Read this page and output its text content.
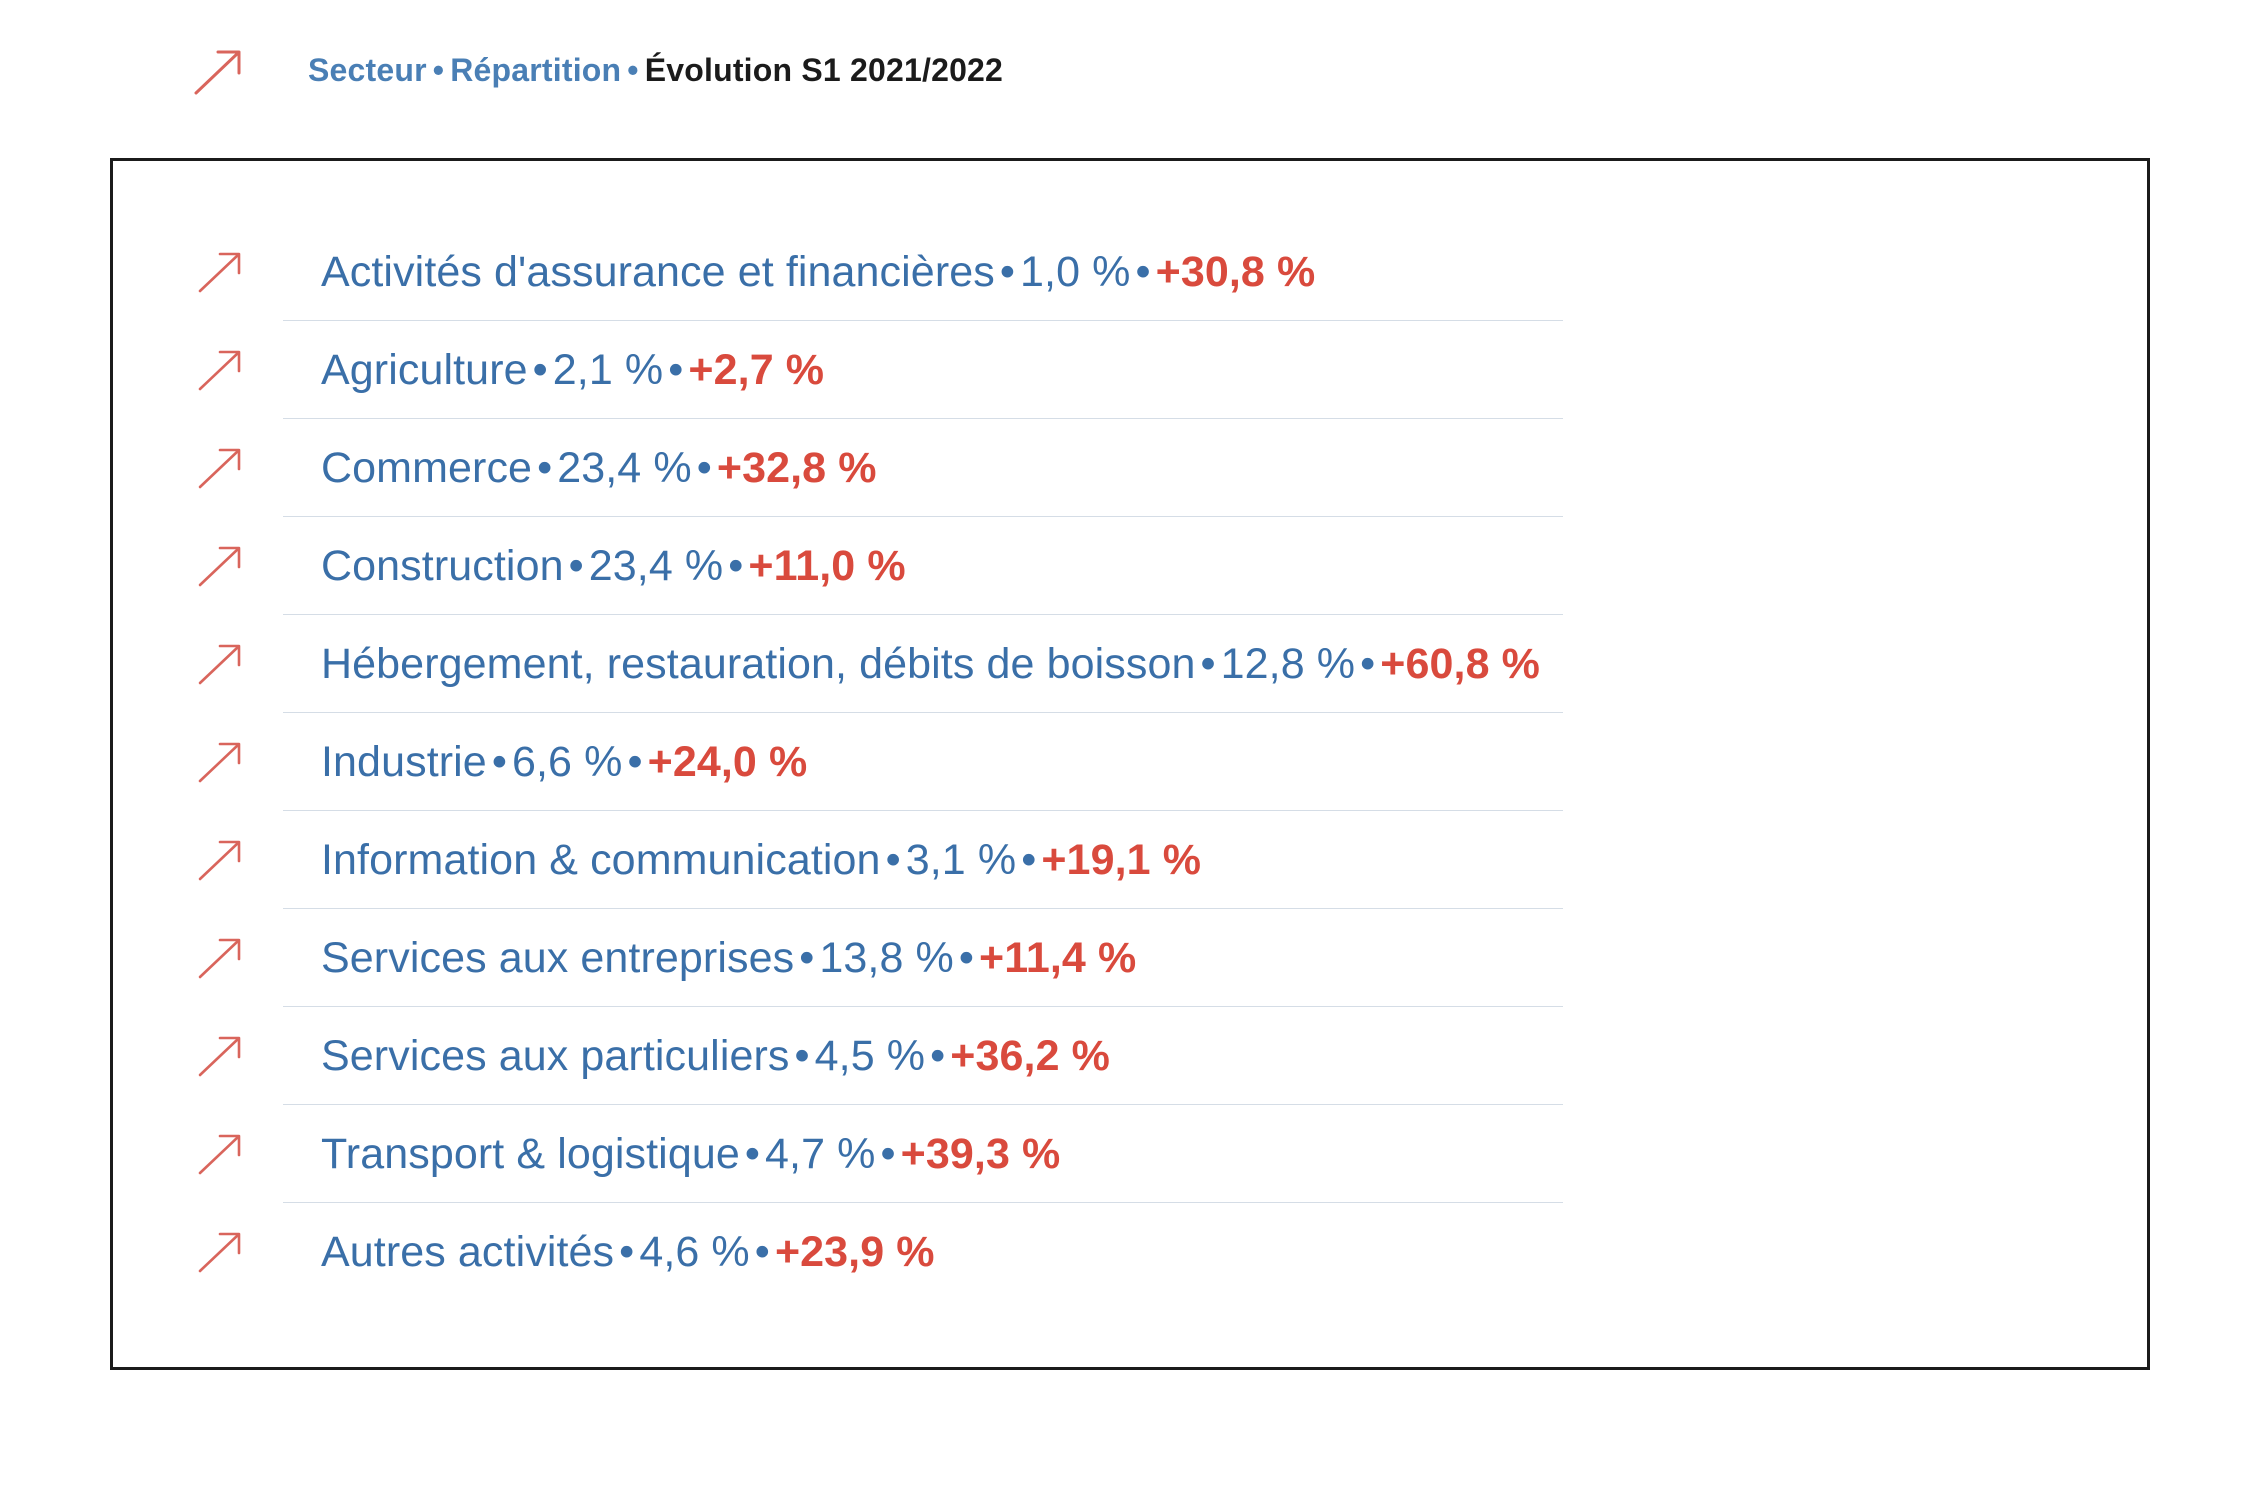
Secteur • Répartition • Évolution S1 2021/2022
Activités d'assurance et financières • 1,0 % • +30,8 %
Agriculture • 2,1 % • +2,7 %
Commerce • 23,4 % • +32,8 %
Construction • 23,4 % • +11,0 %
Hébergement, restauration, débits de boisson • 12,8 % • +60,8 %
Industrie • 6,6 % • +24,0 %
Information & communication • 3,1 % • +19,1 %
Services aux entreprises • 13,8 % • +11,4 %
Services aux particuliers • 4,5 % • +36,2 %
Transport & logistique • 4,7 % • +39,3 %
Autres activités • 4,6 % • +23,9 %
